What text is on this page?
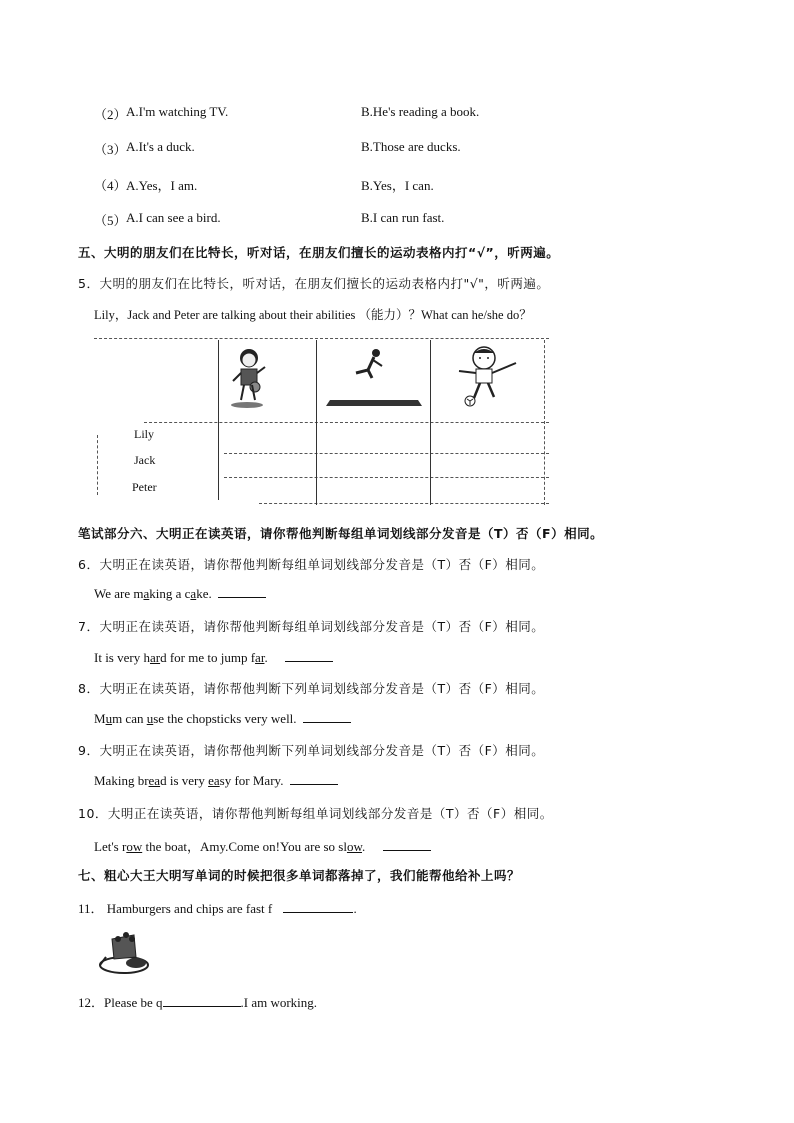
（2） A.I'm watching TV.	B.He's reading a book.
（3） A.It's a duck.	B.Those are ducks.
（4） A.Yes，I am.	B.Yes，I can.
（5） A.I can see a bird.	B.I can run fast.
五、大明的朋友们在比特长，听对话，在朋友们擅长的运动表格内打“√”，听两遍。
5．大明的朋友们在比特长，听对话，在朋友们擅长的运动表格内打"√"，听两遍。
Lily，Jack and Peter are talking about their abilities （能力）？What can he/she do？
Lily
Jack
Peter
笔试部分六、大明正在读英语，请你帮他判断每组单词划线部分发音是（T）否（F）相同。
6．大明正在读英语，请你帮他判断每组单词划线部分发音是（T）否（F）相同。
We are making a cake.
7．大明正在读英语，请你帮他判断每组单词划线部分发音是（T）否（F）相同。
It is very hard for me to jump far.
8．大明正在读英语，请你帮他判断下列单词划线部分发音是（T）否（F）相同。
Mum can use the chopsticks very well.
9．大明正在读英语，请你帮他判断下列单词划线部分发音是（T）否（F）相同。
Making bread is very easy for Mary.
10．大明正在读英语，请你帮他判断每组单词划线部分发音是（T）否（F）相同。
Let's row the boat，Amy.Come on!You are so slow.
七、粗心大王大明写单词的时候把很多单词都落掉了，我们能帮他给补上吗？
11． Hamburgers and chips are fast f	.
12．Please be q	.I am working.
